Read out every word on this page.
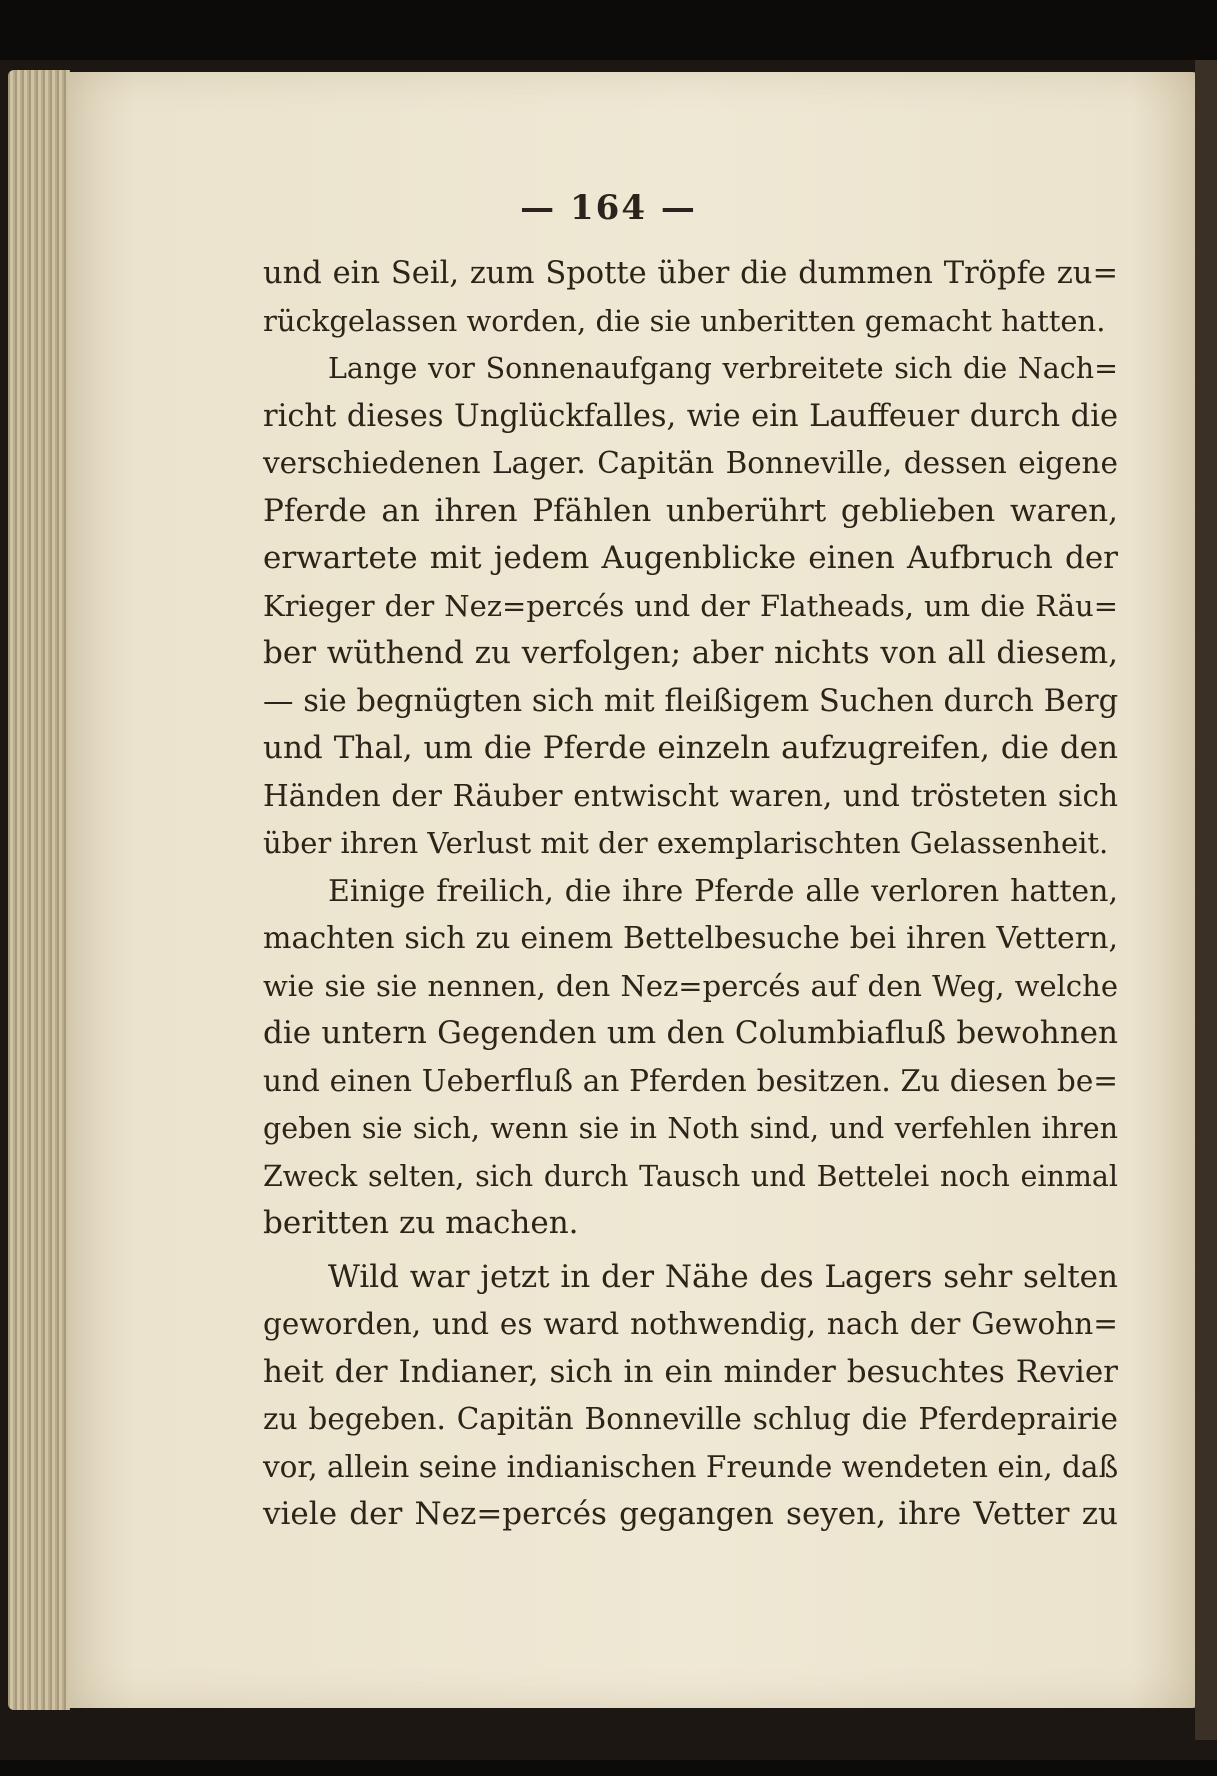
— 164 —
und ein Seil, zum Spotte über die dummen Tröpfe zu=
rückgelassen worden, die sie unberitten gemacht hatten.
Lange vor Sonnenaufgang verbreitete sich die Nach=
richt dieses Unglückfalles, wie ein Lauffeuer durch die
verschiedenen Lager. Capitän Bonneville, dessen eigene
Pferde an ihren Pfählen unberührt geblieben waren,
erwartete mit jedem Augenblicke einen Aufbruch der
Krieger der Nez=percés und der Flatheads, um die Räu=
ber wüthend zu verfolgen; aber nichts von all diesem,
— sie begnügten sich mit fleißigem Suchen durch Berg
und Thal, um die Pferde einzeln aufzugreifen, die den
Händen der Räuber entwischt waren, und trösteten sich
über ihren Verlust mit der exemplarischten Gelassenheit.
Einige freilich, die ihre Pferde alle verloren hatten,
machten sich zu einem Bettelbesuche bei ihren Vettern,
wie sie sie nennen, den Nez=percés auf den Weg, welche
die untern Gegenden um den Columbiafluß bewohnen
und einen Ueberfluß an Pferden besitzen. Zu diesen be=
geben sie sich, wenn sie in Noth sind, und verfehlen ihren
Zweck selten, sich durch Tausch und Bettelei noch einmal
beritten zu machen.
Wild war jetzt in der Nähe des Lagers sehr selten
geworden, und es ward nothwendig, nach der Gewohn=
heit der Indianer, sich in ein minder besuchtes Revier
zu begeben. Capitän Bonneville schlug die Pferdeprairie
vor, allein seine indianischen Freunde wendeten ein, daß
viele der Nez=percés gegangen seyen, ihre Vetter zu
